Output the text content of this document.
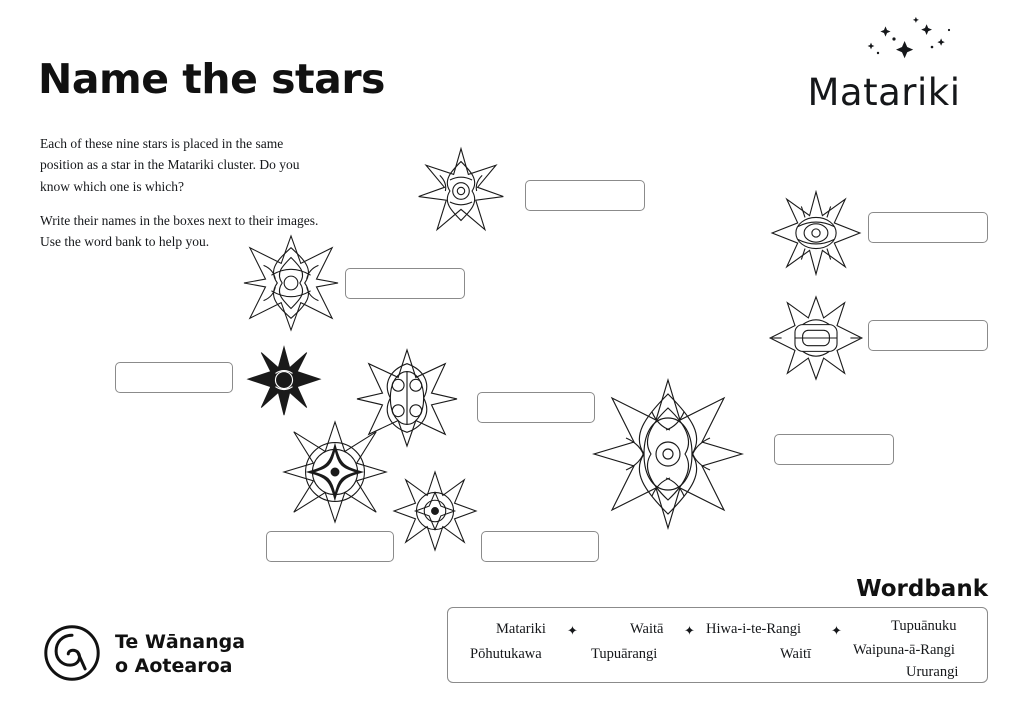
Name the stars	Matariki

Each of these nine stars is placed in the same position as a star in the Matariki cluster. Do you know which one is which?

Write their names in the boxes next to their images. Use the word bank to help you.

Wordbank
Matariki ✦	Waitā ✦ Hiwa-i-te-Rangi ✦	Tupuānuku
Pōhutukawa	Tupuārangi	Waitī	Waipuna-ā-Rangi
Ururangi
Te Wānanga
o Aotearoa
